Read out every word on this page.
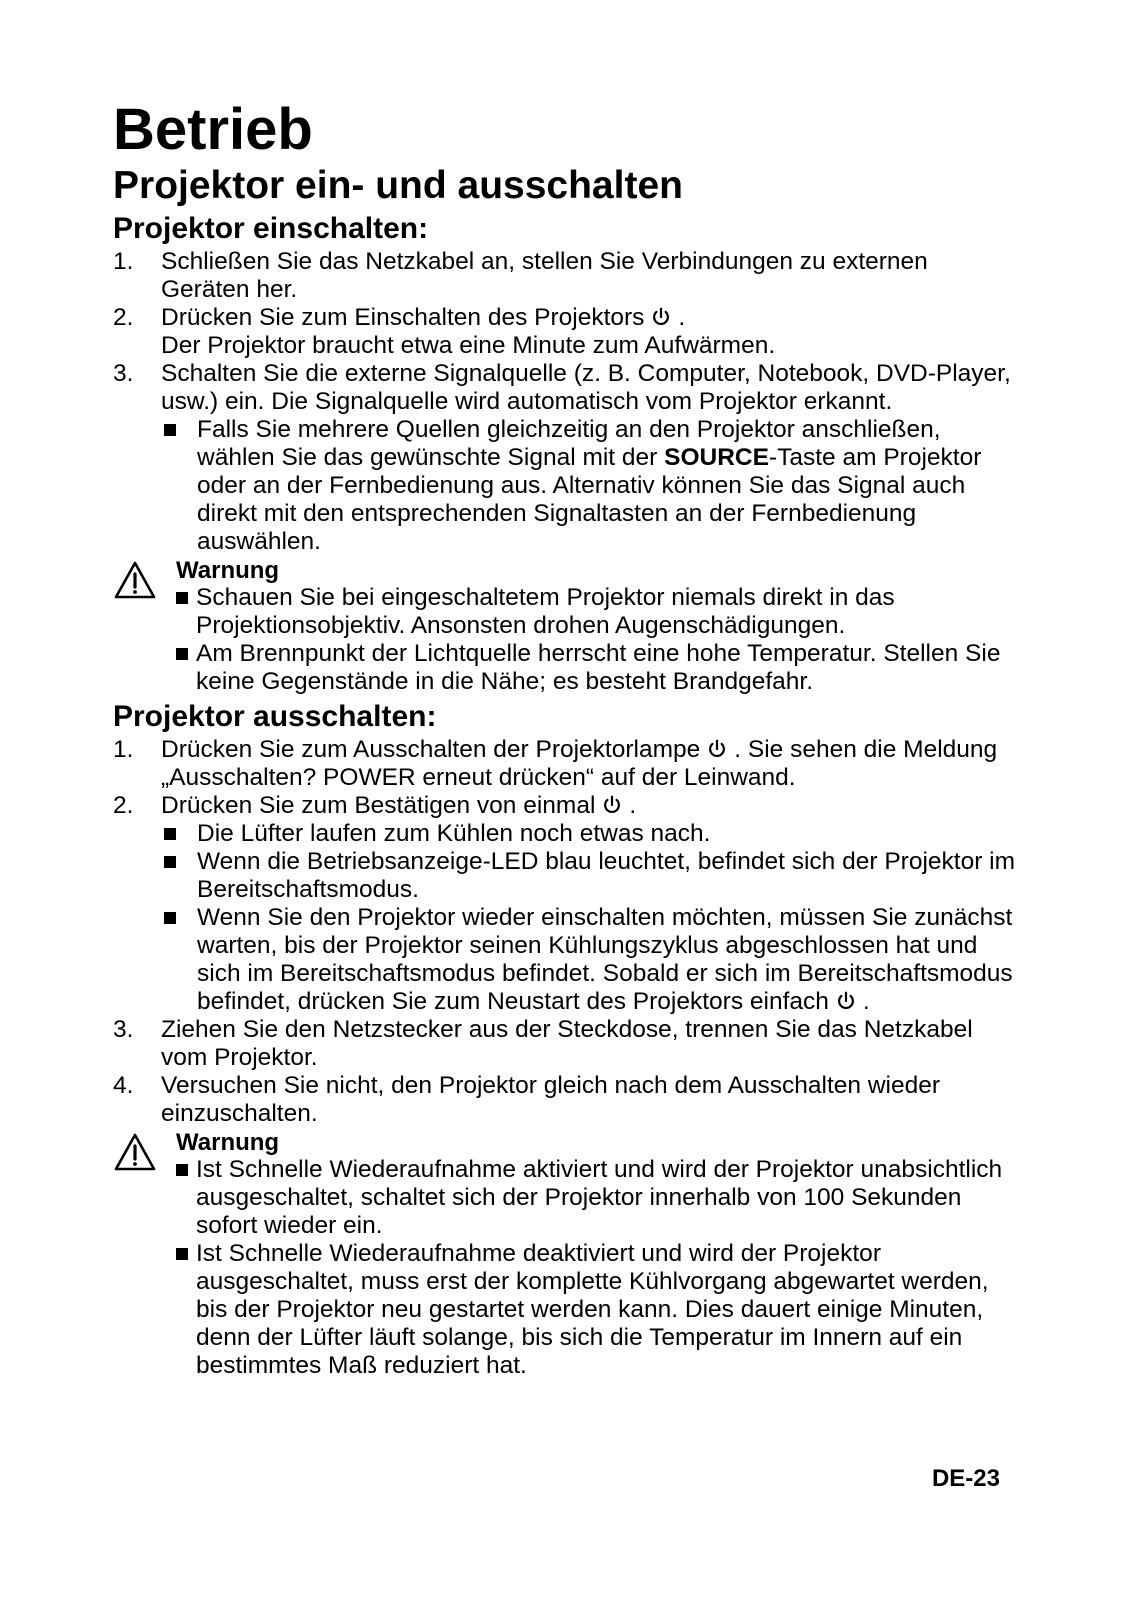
Betrieb
Projektor ein- und ausschalten
Projektor einschalten:
1. Schließen Sie das Netzkabel an, stellen Sie Verbindungen zu externen Geräten her.
2. Drücken Sie zum Einschalten des Projektors .
Der Projektor braucht etwa eine Minute zum Aufwärmen.
3. Schalten Sie die externe Signalquelle (z. B. Computer, Notebook, DVD-Player, usw.) ein. Die Signalquelle wird automatisch vom Projektor erkannt.
Falls Sie mehrere Quellen gleichzeitig an den Projektor anschließen, wählen Sie das gewünschte Signal mit der SOURCE-Taste am Projektor oder an der Fernbedienung aus. Alternativ können Sie das Signal auch direkt mit den entsprechenden Signaltasten an der Fernbedienung auswählen.
Warnung
Schauen Sie bei eingeschaltetem Projektor niemals direkt in das Projektionsobjektiv. Ansonsten drohen Augenschädigungen.
Am Brennpunkt der Lichtquelle herrscht eine hohe Temperatur. Stellen Sie keine Gegenstände in die Nähe; es besteht Brandgefahr.
Projektor ausschalten:
1. Drücken Sie zum Ausschalten der Projektorlampe . Sie sehen die Meldung „Ausschalten? POWER erneut drücken“ auf der Leinwand.
2. Drücken Sie zum Bestätigen von einmal .
Die Lüfter laufen zum Kühlen noch etwas nach.
Wenn die Betriebsanzeige-LED blau leuchtet, befindet sich der Projektor im Bereitschaftsmodus.
Wenn Sie den Projektor wieder einschalten möchten, müssen Sie zunächst warten, bis der Projektor seinen Kühlungszyklus abgeschlossen hat und sich im Bereitschaftsmodus befindet. Sobald er sich im Bereitschaftsmodus befindet, drücken Sie zum Neustart des Projektors einfach .
3. Ziehen Sie den Netzstecker aus der Steckdose, trennen Sie das Netzkabel vom Projektor.
4. Versuchen Sie nicht, den Projektor gleich nach dem Ausschalten wieder einzuschalten.
Warnung
Ist Schnelle Wiederaufnahme aktiviert und wird der Projektor unabsichtlich ausgeschaltet, schaltet sich der Projektor innerhalb von 100 Sekunden sofort wieder ein.
Ist Schnelle Wiederaufnahme deaktiviert und wird der Projektor ausgeschaltet, muss erst der komplette Kühlvorgang abgewartet werden, bis der Projektor neu gestartet werden kann. Dies dauert einige Minuten, denn der Lüfter läuft solange, bis sich die Temperatur im Innern auf ein bestimmtes Maß reduziert hat.
DE-23
